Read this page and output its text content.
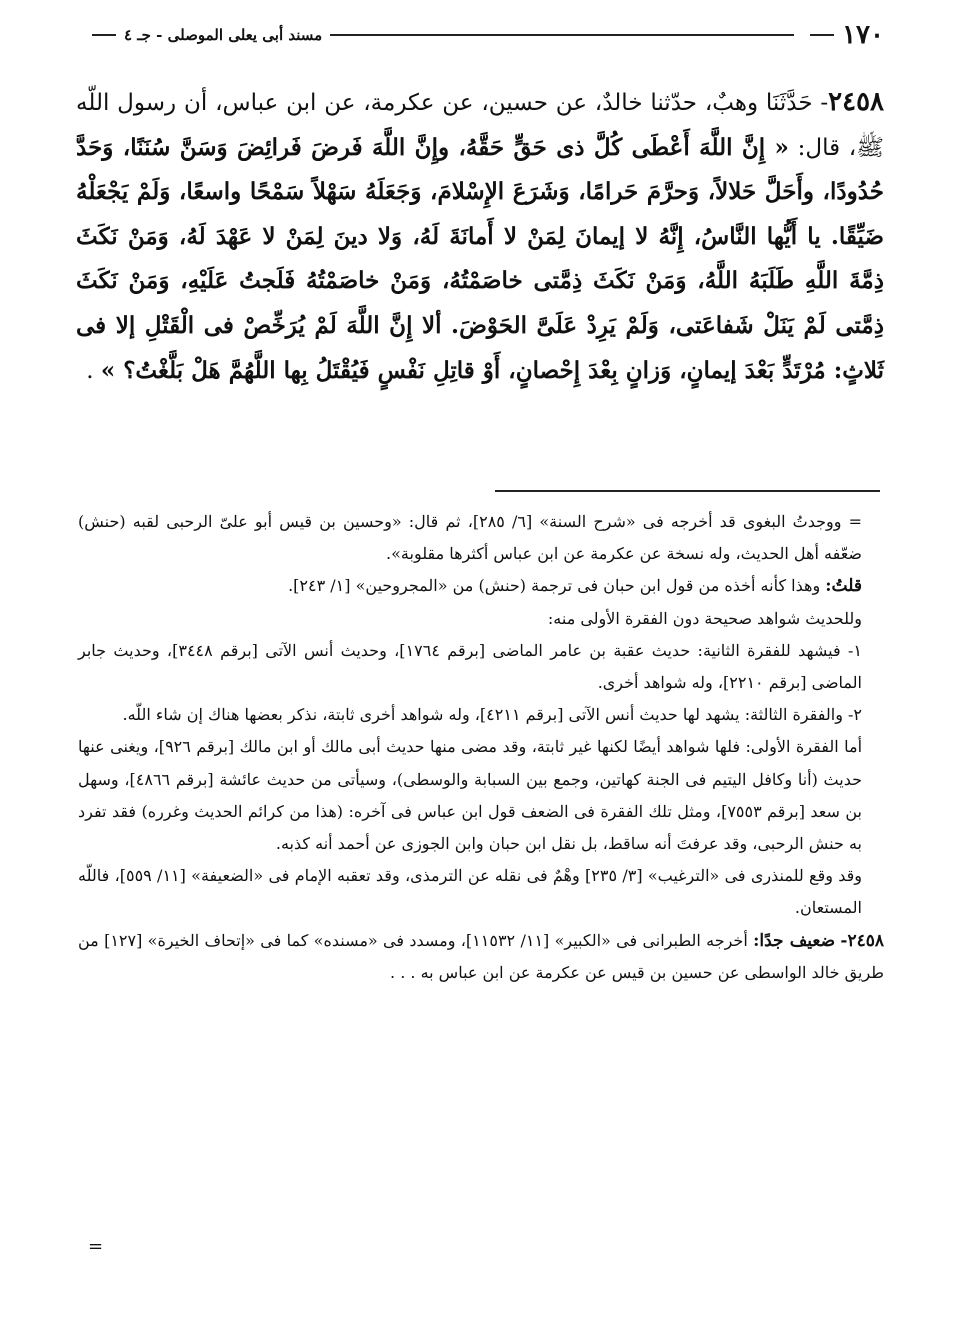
١٧٠
مسند أبى يعلى الموصلى - جـ ٤
٢٤٥٨- حَدَّثَنَا وهبٌ، حدّثنا خالدٌ، عن حسين، عن عكرمة، عن ابن عباس، أن رسول اللّه ﷺ، قال: « إِنَّ اللَّهَ أَعْطَى كُلَّ ذى حَقٍّ حَقَّهُ، وإِنَّ اللَّهَ فَرضَ فَرائِضَ وَسَنَّ سُنَنًا، وَحَدَّ حُدُودًا، وأَحَلَّ حَلالاً، وَحرَّمَ حَرامًا، وَشَرَعَ الإِسْلامَ، وَجَعَلَهُ سَهْلاً سَمْحًا واسعًا، وَلَمْ يَجْعَلْهُ ضَيِّقًا. يا أَيُّها النَّاسُ، إِنَّهُ لا إيمانَ لِمَنْ لا أَمانَةَ لَهُ، وَلا دينَ لِمَنْ لا عَهْدَ لَهُ، وَمَنْ نَكَثَ ذِمَّةَ اللَّهِ طَلَبَهُ اللَّهُ، وَمَنْ نَكَثَ ذِمَّتى خاصَمْتُهُ، وَمَنْ خاصَمْتُهُ فَلَجتُ عَلَيْهِ، وَمَنْ نَكَثَ ذِمَّتى لَمْ يَنَلْ شَفاعَتى، وَلَمْ يَرِدْ عَلَىَّ الحَوْضَ. ألا إِنَّ اللَّهَ لَمْ يُرَخِّصْ فى الْقَتْلِ إلا فى ثَلاثٍ: مُرْتَدٍّ بَعْدَ إيمانٍ، وَزانٍ بِعْدَ إِحْصانٍ، أَوْ قاتِلِ نَفْسٍ فَيُقْتَلُ بِها اللَّهُمَّ هَلْ بَلَّغْتُ؟ » .

= ووجدتُ البغوى قد أخرجه فى «شرح السنة» [٦/ ٢٨٥]، ثم قال: «وحسين بن قيس أبو علىّ الرحبى لقبه (حنش) ضعّفه أهل الحديث، وله نسخة عن عكرمة عن ابن عباس أكثرها مقلوبة».

قلتُ: وهذا كأنه أخذه من قول ابن حبان فى ترجمة (حنش) من «المجروحين» [١/ ٢٤٣].

وللحديث شواهد صحيحة دون الفقرة الأولى منه:

١- فيشهد للفقرة الثانية: حديث عقبة بن عامر الماضى [برقم ١٧٦٤]، وحديث أنس الآتى [برقم ٣٤٤٨]، وحديث جابر الماضى [برقم ٢٢١٠]، وله شواهد أخرى.

٢- والفقرة الثالثة: يشهد لها حديث أنس الآتى [برقم ٤٢١١]، وله شواهد أخرى ثابتة، نذكر بعضها هناك إن شاء اللّه.

أما الفقرة الأولى: فلها شواهد أيضًا لكنها غير ثابتة، وقد مضى منها حديث أبى مالك أو ابن مالك [برقم ٩٢٦]، ويغنى عنها حديث (أنا وكافل اليتيم فى الجنة كهاتين، وجمع بين السبابة والوسطى)، وسيأتى من حديث عائشة [برقم ٤٨٦٦]، وسهل بن سعد [برقم ٧٥٥٣]، ومثل تلك الفقرة فى الضعف قول ابن عباس فى آخره: (هذا من كرائم الحديث وغرره) فقد تفرد به حنش الرحبى، وقد عرفتَ أنه ساقط، بل نقل ابن حبان وابن الجوزى عن أحمد أنه كذبه.

وقد وقع للمنذرى فى «الترغيب» [٣/ ٢٣٥] وهْمٌ فى نقله عن الترمذى، وقد تعقبه الإمام فى «الضعيفة» [١١/ ٥٥٩]، فاللّه المستعان.

٢٤٥٨- ضعيف جدًا: أخرجه الطبرانى فى «الكبير» [١١/ ١١٥٣٢]، ومسدد فى «مسنده» كما فى «إتحاف الخيرة» [١٢٧] من طريق خالد الواسطى عن حسين بن قيس عن عكرمة عن ابن عباس به . . .

=
